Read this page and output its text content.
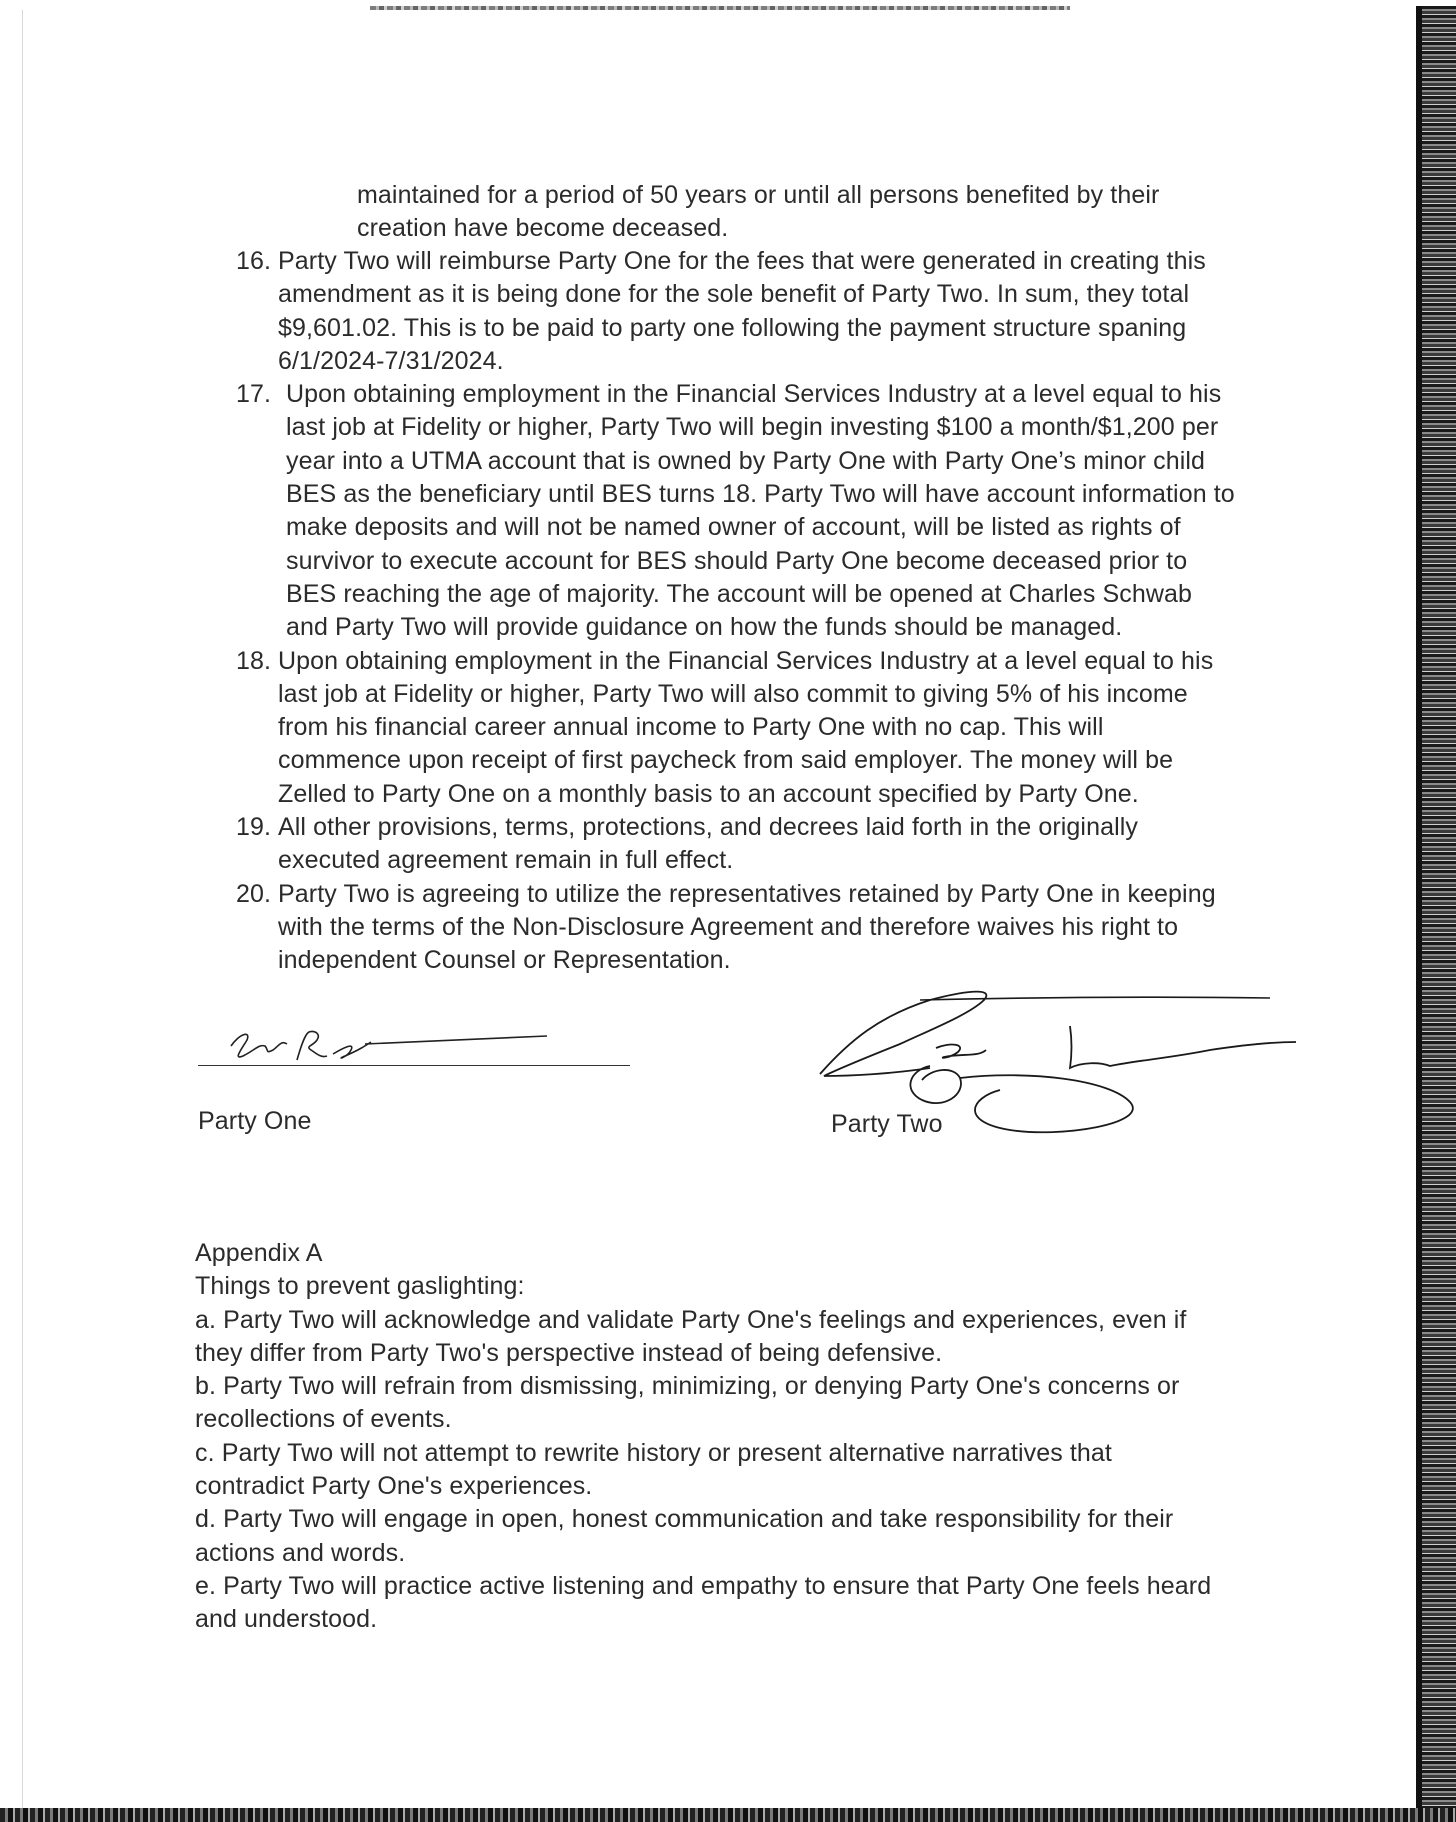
maintained for a period of 50 years or until all persons benefited by their
creation have become deceased.
16. Party Two will reimburse Party One for the fees that were generated in creating this
amendment as it is being done for the sole benefit of Party Two. In sum, they total
$9,601.02. This is to be paid to party one following the payment structure spaning
6/1/2024-7/31/2024.
17. Upon obtaining employment in the Financial Services Industry at a level equal to his
last job at Fidelity or higher, Party Two will begin investing $100 a month/$1,200 per
year into a UTMA account that is owned by Party One with Party One’s minor child
BES as the beneficiary until BES turns 18. Party Two will have account information to
make deposits and will not be named owner of account, will be listed as rights of
survivor to execute account for BES should Party One become deceased prior to
BES reaching the age of majority. The account will be opened at Charles Schwab
and Party Two will provide guidance on how the funds should be managed.
18. Upon obtaining employment in the Financial Services Industry at a level equal to his
last job at Fidelity or higher, Party Two will also commit to giving 5% of his income
from his financial career annual income to Party One with no cap. This will
commence upon receipt of first paycheck from said employer. The money will be
Zelled to Party One on a monthly basis to an account specified by Party One.
19. All other provisions, terms, protections, and decrees laid forth in the originally
executed agreement remain in full effect.
20. Party Two is agreeing to utilize the representatives retained by Party One in keeping
with the terms of the Non-Disclosure Agreement and therefore waives his right to
independent Counsel or Representation.
Party One	Party Two

Appendix A

Things to prevent gaslighting:

a. Party Two will acknowledge and validate Party One's feelings and experiences, even if
they differ from Party Two's perspective instead of being defensive.

b. Party Two will refrain from dismissing, minimizing, or denying Party One's concerns or
recollections of events.

c. Party Two will not attempt to rewrite history or present alternative narratives that
contradict Party One's experiences.

d. Party Two will engage in open, honest communication and take responsibility for their
actions and words.

e. Party Two will practice active listening and empathy to ensure that Party One feels heard
and understood.
